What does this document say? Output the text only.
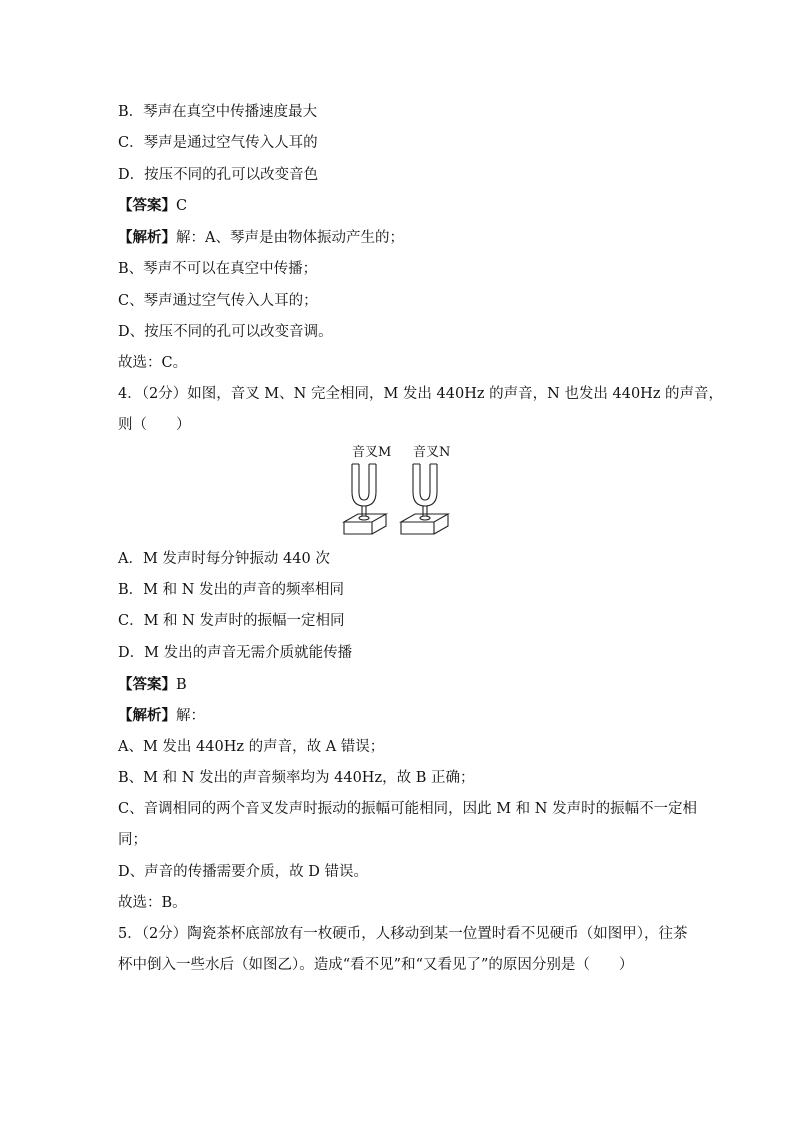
B．琴声在真空中传播速度最大
C．琴声是通过空气传入人耳的
D．按压不同的孔可以改变音色
【答案】C
【解析】解：A、琴声是由物体振动产生的；
B、琴声不可以在真空中传播；
C、琴声通过空气传入人耳的；
D、按压不同的孔可以改变音调。
故选：C。
4．（2分）如图，音叉 M、N 完全相同，M 发出 440Hz 的声音，N 也发出 440Hz 的声音，
则（　　）
音叉M 音叉N
A．M 发声时每分钟振动 440 次
B．M 和 N 发出的声音的频率相同
C．M 和 N 发声时的振幅一定相同
D．M 发出的声音无需介质就能传播
【答案】B
【解析】解：
A、M 发出 440Hz 的声音，故 A 错误；
B、M 和 N 发出的声音频率均为 440Hz，故 B 正确；
C、音调相同的两个音叉发声时振动的振幅可能相同，因此 M 和 N 发声时的振幅不一定相
同；
D、声音的传播需要介质，故 D 错误。
故选：B。
5．（2分）陶瓷茶杯底部放有一枚硬币，人移动到某一位置时看不见硬币（如图甲），往茶
杯中倒入一些水后（如图乙）。造成“看不见”和“又看见了”的原因分别是（　　）
